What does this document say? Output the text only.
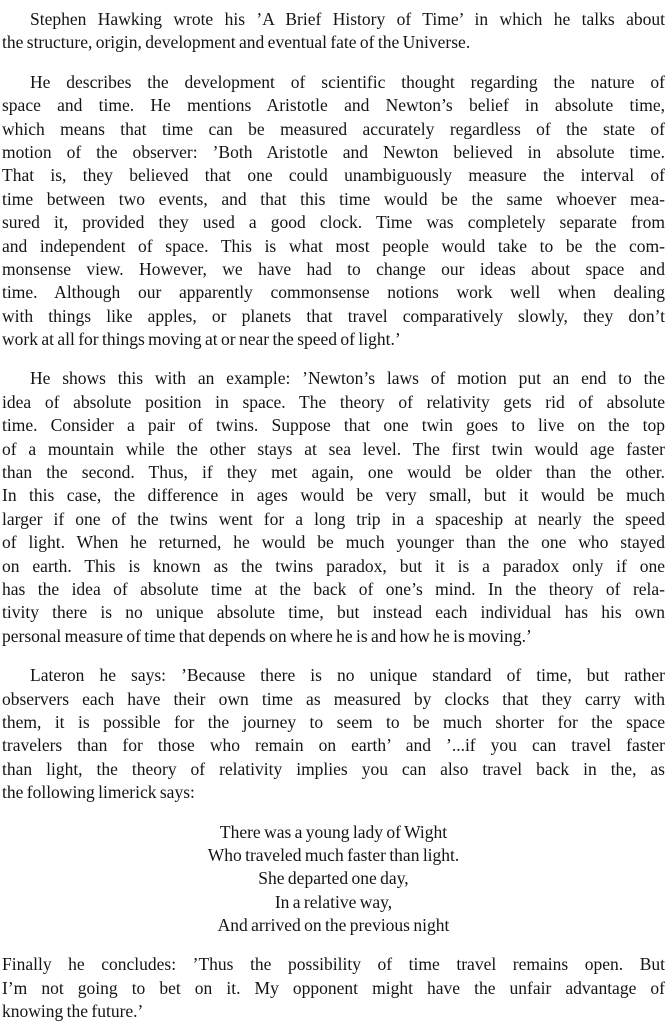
Stephen Hawking wrote his ’A Brief History of Time’ in which he talks about
the structure, origin, development and eventual fate of the Universe.
He describes the development of scientific thought regarding the nature of
space and time. He mentions Aristotle and Newton’s belief in absolute time,
which means that time can be measured accurately regardless of the state of
motion of the observer: ’Both Aristotle and Newton believed in absolute time.
That is, they believed that one could unambiguously measure the interval of
time between two events, and that this time would be the same whoever mea-
sured it, provided they used a good clock. Time was completely separate from
and independent of space. This is what most people would take to be the com-
monsense view. However, we have had to change our ideas about space and
time. Although our apparently commonsense notions work well when dealing
with things like apples, or planets that travel comparatively slowly, they don’t
work at all for things moving at or near the speed of light.’
He shows this with an example: ’Newton’s laws of motion put an end to the
idea of absolute position in space. The theory of relativity gets rid of absolute
time. Consider a pair of twins. Suppose that one twin goes to live on the top
of a mountain while the other stays at sea level. The first twin would age faster
than the second. Thus, if they met again, one would be older than the other.
In this case, the difference in ages would be very small, but it would be much
larger if one of the twins went for a long trip in a spaceship at nearly the speed
of light. When he returned, he would be much younger than the one who stayed
on earth. This is known as the twins paradox, but it is a paradox only if one
has the idea of absolute time at the back of one’s mind. In the theory of rela-
tivity there is no unique absolute time, but instead each individual has his own
personal measure of time that depends on where he is and how he is moving.’
Lateron he says: ’Because there is no unique standard of time, but rather
observers each have their own time as measured by clocks that they carry with
them, it is possible for the journey to seem to be much shorter for the space
travelers than for those who remain on earth’ and ’...if you can travel faster
than light, the theory of relativity implies you can also travel back in the, as
the following limerick says:
There was a young lady of Wight
Who traveled much faster than light.
She departed one day,
In a relative way,
And arrived on the previous night
Finally he concludes: ’Thus the possibility of time travel remains open. But
I’m not going to bet on it. My opponent might have the unfair advantage of
knowing the future.’
